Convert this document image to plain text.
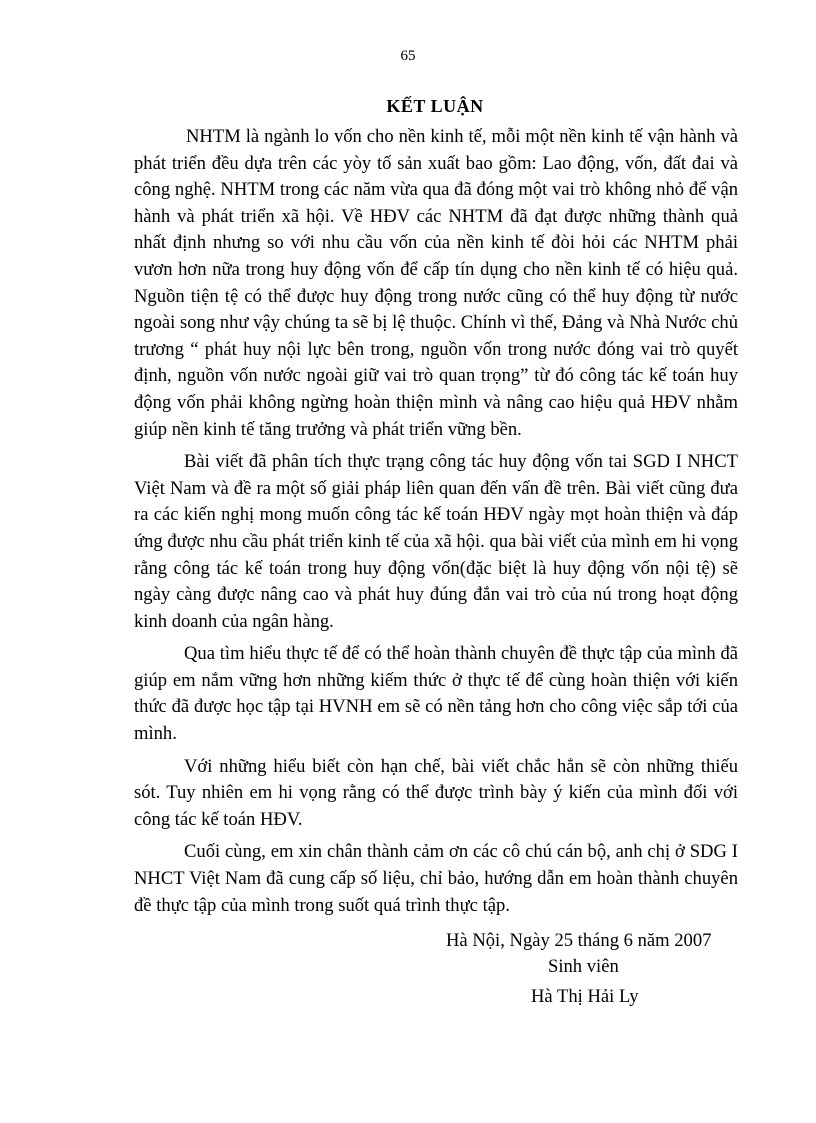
65
KẾT LUẬN

NHTM là ngành lo vốn cho nền kinh tế, mỗi một nền kinh tế vận hành và phát triển đều dựa trên các yòy tố sản xuất bao gồm: Lao động, vốn, đất đai và công nghệ. NHTM trong các năm vừa qua đã đóng một vai trò không nhỏ để vận hành và phát triển xã hội. Về HĐV các NHTM đã đạt được những thành quả nhất định nhưng so với nhu cầu vốn của nền kinh tế đòi hỏi các NHTM phải vươn hơn nữa trong huy động vốn để cấp tín dụng cho nền kinh tế có hiệu quả. Nguồn tiện tệ có thể được huy động trong nước cũng có thể huy động từ nước ngoài song như vậy chúng ta sẽ bị lệ thuộc. Chính vì thế, Đảng và Nhà Nước chủ trương “ phát huy nội lực bên trong, nguồn vốn trong nước đóng vai trò quyết định, nguồn vốn nước ngoài giữ vai trò quan trọng” từ đó công tác kế toán huy động vốn phải không ngừng hoàn thiện mình và nâng cao hiệu quả HĐV nhằm giúp nền kinh tế tăng trưởng và phát triển vững bền.

Bài viết đã phân tích thực trạng công tác huy động vốn tai SGD I NHCT Việt Nam và đề ra một số giải pháp liên quan đến vấn đề trên. Bài viết cũng đưa ra các kiến nghị mong muốn công tác kế toán HĐV ngày mọt hoàn thiện và đáp ứng được nhu cầu phát triển kinh tế của xã hội. qua bài viết của mình em hi vọng rằng công tác kế toán trong huy động vốn(đặc biệt là huy động vốn nội tệ) sẽ ngày càng được nâng cao và phát huy đúng đắn vai trò của nú trong hoạt động kinh doanh của ngân hàng.

Qua tìm hiểu thực tế để có thể hoàn thành chuyên đề thực tập của mình đã giúp em nắm vững hơn những kiếm thức ở thực tế để cùng hoàn thiện với kiến thức đã được học tập tại HVNH em sẽ có nền tảng hơn cho công việc sắp tới của mình.

Với những hiểu biết còn hạn chế, bài viết chắc hẳn sẽ còn những thiếu sót. Tuy nhiên em hi vọng rằng có thể được trình bày ý kiến của mình đối với công tác kế toán HĐV.

Cuối cùng, em xin chân thành cảm ơn các cô chú cán bộ, anh chị ở SDG I NHCT Việt Nam đã cung cấp số liệu, chỉ bảo, hướng dẫn em hoàn thành chuyên đề thực tập của mình trong suốt quá trình thực tập.

Hà Nội, Ngày 25 tháng 6 năm 2007
Sinh viên
Hà Thị Hải Ly
